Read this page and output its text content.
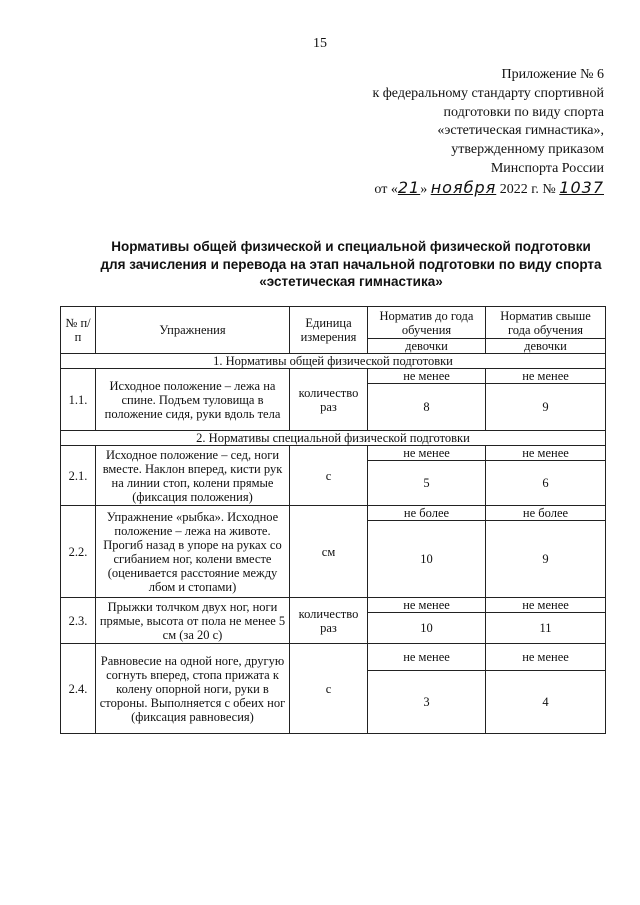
15
Приложение № 6
к федеральному стандарту спортивной
подготовки по виду спорта
«эстетическая гимнастика»,
утвержденному приказом
Минспорта России
от «21» ноября 2022 г. № 1037
Нормативы общей физической и специальной физической подготовки
для зачисления и перевода на этап начальной подготовки по виду спорта
«эстетическая гимнастика»
№ п/п	Упражнения	Единица измерения	Норматив до года обучения	Норматив свыше года обучения
			девочки	девочки
1. Нормативы общей физической подготовки				
1.1.	Исходное положение – лежа на спине. Подъем туловища в положение сидя, руки вдоль тела	количество раз	не менее	не менее
			8	9
2. Нормативы специальной физической подготовки				
2.1.	Исходное положение – сед, ноги вместе. Наклон вперед, кисти рук на линии стоп, колени прямые (фиксация положения)	с	не менее	не менее
			5	6
2.2.	Упражнение «рыбка». Исходное положение – лежа на животе. Прогиб назад в упоре на руках со сгибанием ног, колени вместе (оценивается расстояние между лбом и стопами)	см	не более	не более
			10	9
2.3.	Прыжки толчком двух ног, ноги прямые, высота от пола не менее 5 см (за 20 с)	количество раз	не менее	не менее
			10	11
2.4.	Равновесие на одной ноге, другую согнуть вперед, стопа прижата к колену опорной ноги, руки в стороны. Выполняется с обеих ног (фиксация равновесия)	с	не менее	не менее
			3	4
